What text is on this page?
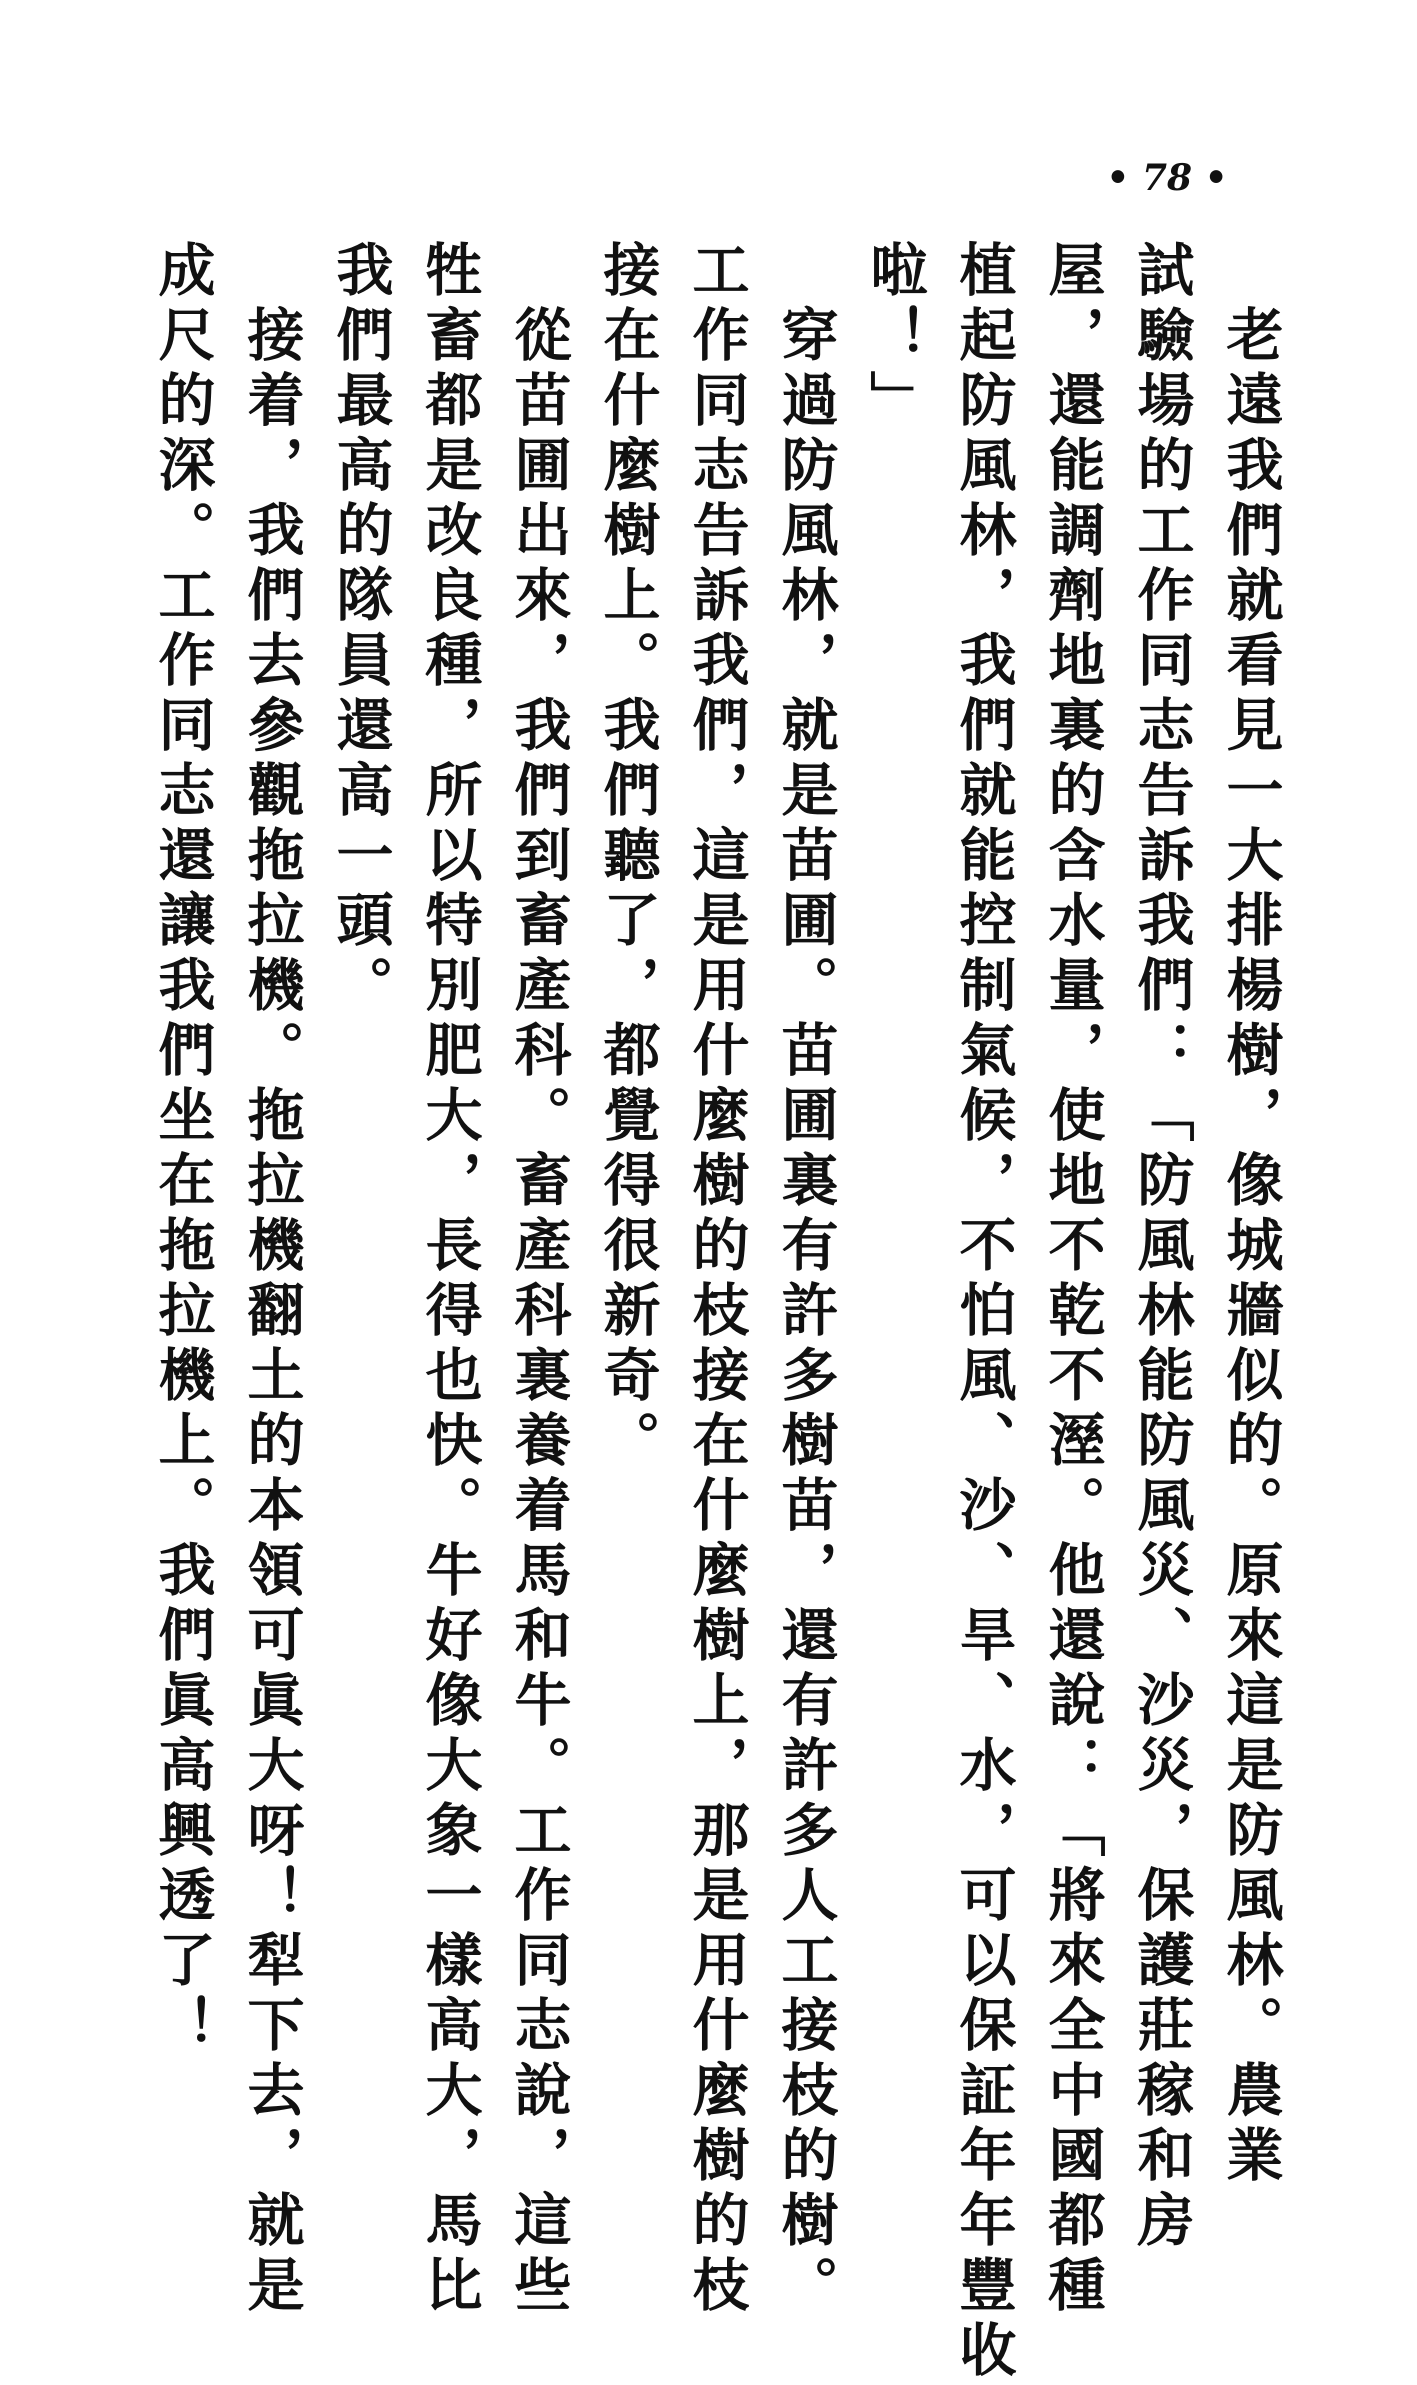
• 78 •
　老遠我們就看見一大排楊樹，像城牆似的。原來這是防風林。農業
試驗場的工作同志告訴我們：「防風林能防風災、沙災，保護莊稼和房
屋，還能調劑地裏的含水量，使地不乾不溼。他還說：「將來全中國都種
植起防風林，我們就能控制氣候，不怕風、沙、旱、水，可以保証年年豐收
啦！」
　穿過防風林，就是苗圃。苗圃裏有許多樹苗，還有許多人工接枝的樹。
工作同志告訴我們，這是用什麼樹的枝接在什麼樹上，那是用什麼樹的枝
接在什麼樹上。我們聽了，都覺得很新奇。
　從苗圃出來，我們到畜產科。畜產科裏養着馬和牛。工作同志說，這些
牲畜都是改良種，所以特別肥大，長得也快。牛好像大象一樣高大，馬比
我們最高的隊員還高一頭。
　接着，我們去參觀拖拉機。拖拉機翻土的本領可眞大呀！犁下去，就是
成尺的深。工作同志還讓我們坐在拖拉機上。我們眞高興透了！
